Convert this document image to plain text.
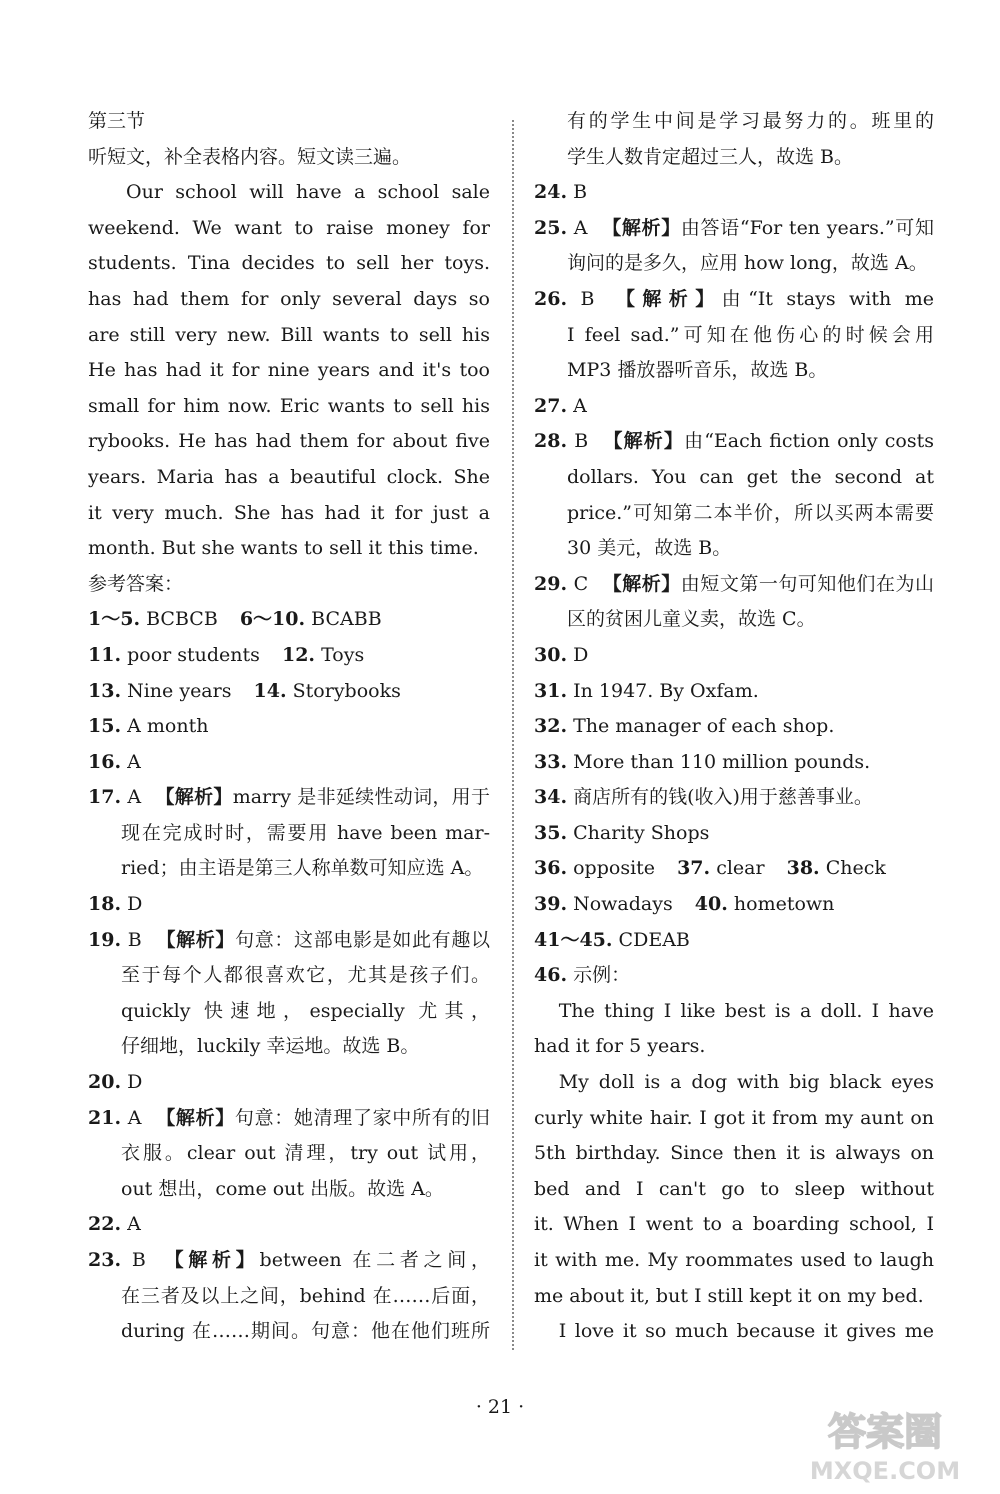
第三节
听短文，补全表格内容。短文读三遍。
Our school will have a school sale
weekend. We want to raise money for
students. Tina decides to sell her toys.
has had them for only several days so
are still very new. Bill wants to sell his
He has had it for nine years and it's too
small for him now. Eric wants to sell his
rybooks. He has had them for about five
years. Maria has a beautiful clock. She
it very much. She has had it for just a
month. But she wants to sell it this time.
参考答案：
1～5. BCBCB 6～10. BCABB
11. poor students 12. Toys
13. Nine years 14. Storybooks
15. A month
16. A
17. A 【解析】marry 是非延续性动词，用于
现在完成时时，需要用 have been mar-
ried；由主语是第三人称单数可知应选 A。
18. D
19. B 【解析】句意：这部电影是如此有趣以
至于每个人都很喜欢它，尤其是孩子们。
quickly 快速地，especially 尤其，
仔细地，luckily 幸运地。故选 B。
20. D
21. A 【解析】句意：她清理了家中所有的旧
衣服。clear out 清理，try out 试用，
out 想出，come out 出版。故选 A。
22. A
23. B 【解析】between 在二者之间，
在三者及以上之间，behind 在……后面，
during 在……期间。句意：他在他们班所
有的学生中间是学习最努力的。班里的
学生人数肯定超过三人，故选 B。
24. B
25. A 【解析】由答语“For ten years.”可知
询问的是多久，应用 how long，故选 A。
26. B 【解析】由“It stays with me
I feel sad.”可知在他伤心的时候会用
MP3 播放器听音乐，故选 B。
27. A
28. B 【解析】由“Each fiction only costs
dollars. You can get the second at
price.”可知第二本半价，所以买两本需要
30 美元，故选 B。
29. C 【解析】由短文第一句可知他们在为山
区的贫困儿童义卖，故选 C。
30. D
31. In 1947. By Oxfam.
32. The manager of each shop.
33. More than 110 million pounds.
34. 商店所有的钱(收入)用于慈善事业。
35. Charity Shops
36. opposite 37. clear 38. Check
39. Nowadays 40. hometown
41～45. CDEAB
46. 示例：
The thing I like best is a doll. I have
had it for 5 years.
My doll is a dog with big black eyes
curly white hair. I got it from my aunt on
5th birthday. Since then it is always on
bed and I can't go to sleep without
it. When I went to a boarding school, I
it with me. My roommates used to laugh
me about it, but I still kept it on my bed.
I love it so much because it gives me
· 21 ·
答案圈
MXQE.COM
